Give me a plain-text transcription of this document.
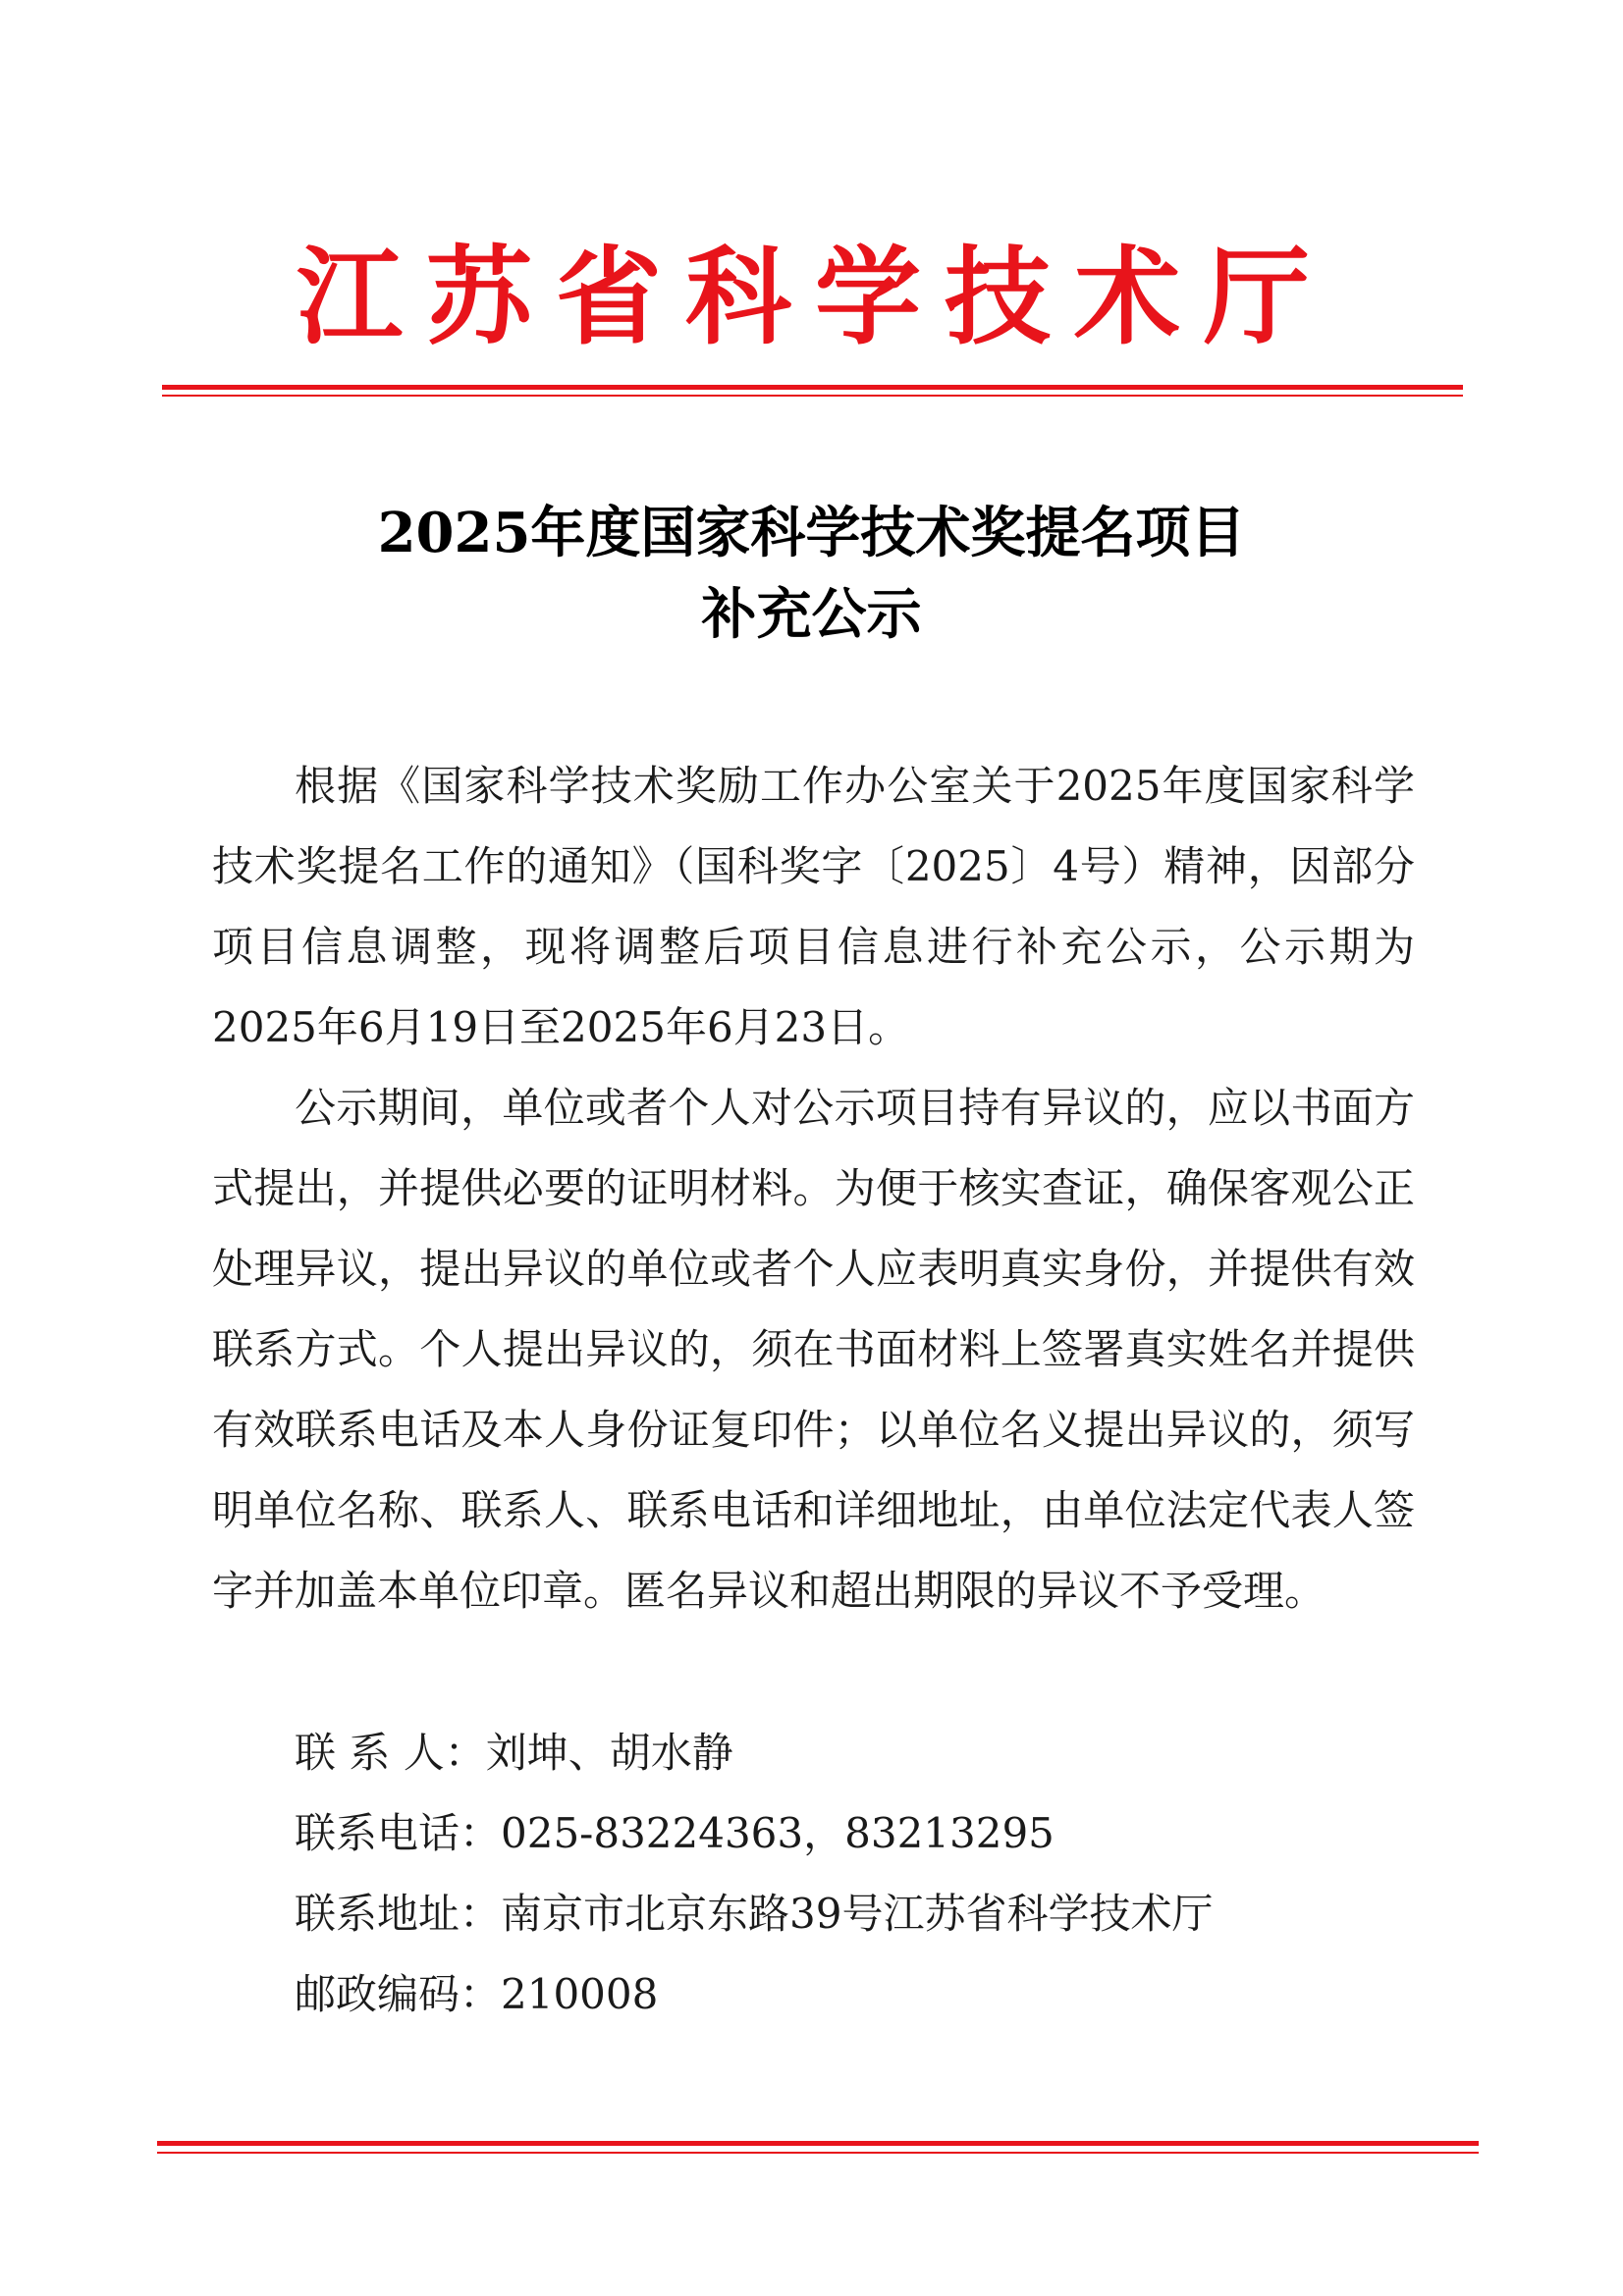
江苏省科学技术厅
2025年度国家科学技术奖提名项目
补充公示

根据《国家科学技术奖励工作办公室关于2025年度国家科学技术奖提名工作的通知》（国科奖字〔2025〕4号）精神，因部分项目信息调整，现将调整后项目信息进行补充公示，公示期为2025年6月19日至2025年6月23日。

公示期间，单位或者个人对公示项目持有异议的，应以书面方式提出，并提供必要的证明材料。为便于核实查证，确保客观公正处理异议，提出异议的单位或者个人应表明真实身份，并提供有效联系方式。个人提出异议的，须在书面材料上签署真实姓名并提供有效联系电话及本人身份证复印件；以单位名义提出异议的，须写明单位名称、联系人、联系电话和详细地址，由单位法定代表人签字并加盖本单位印章。匿名异议和超出期限的异议不予受理。

联 系 人：刘坤、胡水静
联系电话：025-83224363，83213295
联系地址：南京市北京东路39号江苏省科学技术厅
邮政编码：210008
